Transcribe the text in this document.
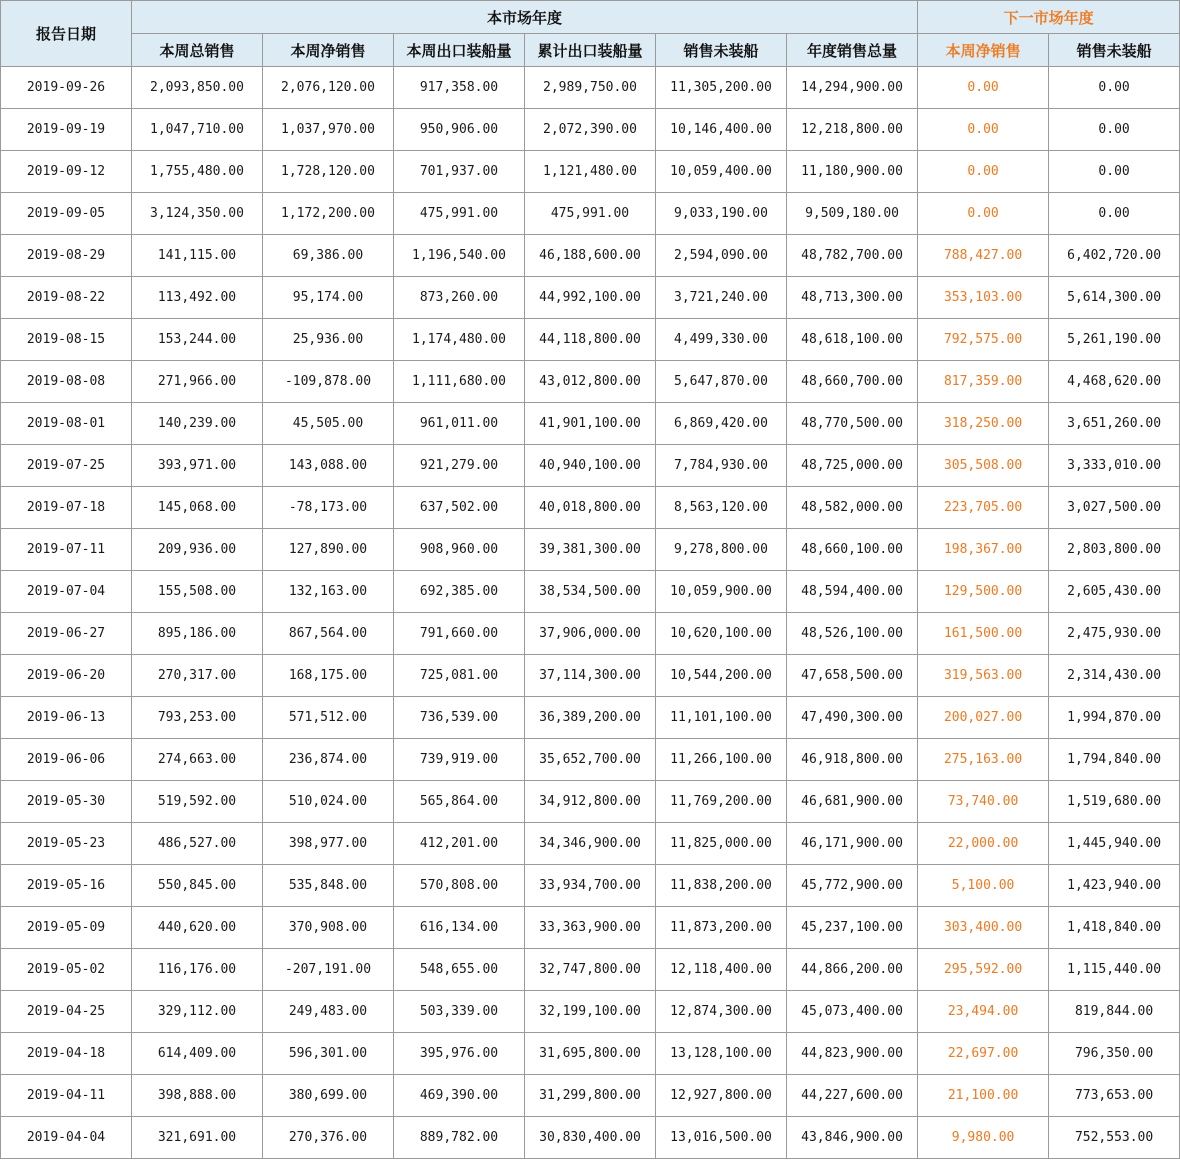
报告日期	本市场年度						下一市场年度	
	本周总销售	本周净销售	本周出口装船量	累计出口装船量	销售未装船	年度销售总量	本周净销售	销售未装船
2019-09-26	2,093,850.00	2,076,120.00	917,358.00	2,989,750.00	11,305,200.00	14,294,900.00	0.00	0.00
2019-09-19	1,047,710.00	1,037,970.00	950,906.00	2,072,390.00	10,146,400.00	12,218,800.00	0.00	0.00
2019-09-12	1,755,480.00	1,728,120.00	701,937.00	1,121,480.00	10,059,400.00	11,180,900.00	0.00	0.00
2019-09-05	3,124,350.00	1,172,200.00	475,991.00	475,991.00	9,033,190.00	9,509,180.00	0.00	0.00
2019-08-29	141,115.00	69,386.00	1,196,540.00	46,188,600.00	2,594,090.00	48,782,700.00	788,427.00	6,402,720.00
2019-08-22	113,492.00	95,174.00	873,260.00	44,992,100.00	3,721,240.00	48,713,300.00	353,103.00	5,614,300.00
2019-08-15	153,244.00	25,936.00	1,174,480.00	44,118,800.00	4,499,330.00	48,618,100.00	792,575.00	5,261,190.00
2019-08-08	271,966.00	-109,878.00	1,111,680.00	43,012,800.00	5,647,870.00	48,660,700.00	817,359.00	4,468,620.00
2019-08-01	140,239.00	45,505.00	961,011.00	41,901,100.00	6,869,420.00	48,770,500.00	318,250.00	3,651,260.00
2019-07-25	393,971.00	143,088.00	921,279.00	40,940,100.00	7,784,930.00	48,725,000.00	305,508.00	3,333,010.00
2019-07-18	145,068.00	-78,173.00	637,502.00	40,018,800.00	8,563,120.00	48,582,000.00	223,705.00	3,027,500.00
2019-07-11	209,936.00	127,890.00	908,960.00	39,381,300.00	9,278,800.00	48,660,100.00	198,367.00	2,803,800.00
2019-07-04	155,508.00	132,163.00	692,385.00	38,534,500.00	10,059,900.00	48,594,400.00	129,500.00	2,605,430.00
2019-06-27	895,186.00	867,564.00	791,660.00	37,906,000.00	10,620,100.00	48,526,100.00	161,500.00	2,475,930.00
2019-06-20	270,317.00	168,175.00	725,081.00	37,114,300.00	10,544,200.00	47,658,500.00	319,563.00	2,314,430.00
2019-06-13	793,253.00	571,512.00	736,539.00	36,389,200.00	11,101,100.00	47,490,300.00	200,027.00	1,994,870.00
2019-06-06	274,663.00	236,874.00	739,919.00	35,652,700.00	11,266,100.00	46,918,800.00	275,163.00	1,794,840.00
2019-05-30	519,592.00	510,024.00	565,864.00	34,912,800.00	11,769,200.00	46,681,900.00	73,740.00	1,519,680.00
2019-05-23	486,527.00	398,977.00	412,201.00	34,346,900.00	11,825,000.00	46,171,900.00	22,000.00	1,445,940.00
2019-05-16	550,845.00	535,848.00	570,808.00	33,934,700.00	11,838,200.00	45,772,900.00	5,100.00	1,423,940.00
2019-05-09	440,620.00	370,908.00	616,134.00	33,363,900.00	11,873,200.00	45,237,100.00	303,400.00	1,418,840.00
2019-05-02	116,176.00	-207,191.00	548,655.00	32,747,800.00	12,118,400.00	44,866,200.00	295,592.00	1,115,440.00
2019-04-25	329,112.00	249,483.00	503,339.00	32,199,100.00	12,874,300.00	45,073,400.00	23,494.00	819,844.00
2019-04-18	614,409.00	596,301.00	395,976.00	31,695,800.00	13,128,100.00	44,823,900.00	22,697.00	796,350.00
2019-04-11	398,888.00	380,699.00	469,390.00	31,299,800.00	12,927,800.00	44,227,600.00	21,100.00	773,653.00
2019-04-04	321,691.00	270,376.00	889,782.00	30,830,400.00	13,016,500.00	43,846,900.00	9,980.00	752,553.00
